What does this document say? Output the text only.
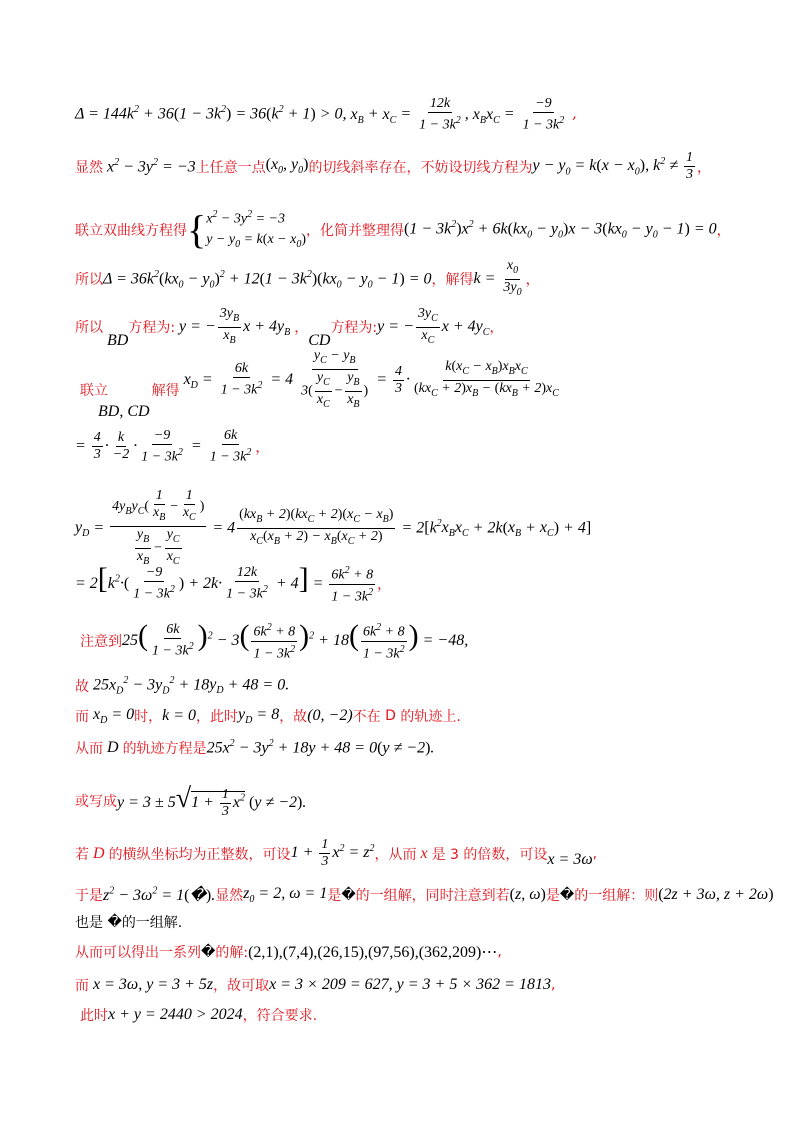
$\Delta = 144k^2 + 36(1 - 3k^2) = 36(k^2 + 1) > 0$, $x_B + x_C = \frac{12k}{1 - 3k^2}$ , $x_Bx_C = \frac{-9}{1 - 3k^2}$ ,
显然 $x^2 - 3y^2 = -3$ 上任意一点 ($x_0$, $y_0$) 的切线斜率存在，不妨设切线方程为 $y - y_0 = k(x - x_0)$, $k^2 \ne \frac{1}{3}$ ，
联立双曲线方程得 { $x^2 - 3y^2 = -3$
$y - y_0 = k(x - x_0)$
，化简并整理得 $(1 - 3k^2)x^2 + 6k(kx_0 - y_0)x - 3(kx_0 - y_0 - 1) = 0$ ，
所以 $\Delta = 36k^2(kx_0 - y_0)^2 + 12(1 - 3k^2)(kx_0 - y_0 - 1) = 0$ ，解得 $k = \frac{x_0}{3y_0}$ ，
所以
BD
方程为: y = − $\frac{3y_B}{x_B}$ $x + 4y_B$ ，
CD
方程为: y = − $\frac{3y_C}{x_C}$ $x + 4y_C$ ，
联立
BD, CD
解得
$x_D = \frac{6k}{1 - 3k^2} = 4 \frac{y_C - y_B}{3( \frac{y_C}{x_C} - \frac{y_B}{x_B} )} = \frac{4}{3} \cdot \frac{k(x_C - x_B)x_Bx_C}{(kx_C + 2)x_B - (kx_B + 2)x_C}$
= $\frac{4}{3} \cdot \frac{k}{-2} \cdot \frac{-9}{1 - 3k^2} = \frac{6k}{1 - 3k^2}$ ，
$y_D = \frac{4y_By_C( \frac{1}{x_B} - \frac{1}{x_C} )}{\frac{y_B}{x_B} - \frac{y_C}{x_C}} = 4 \frac{(kx_B + 2)(kx_C + 2)(x_C - x_B)}{x_C(x_B + 2) - x_B(x_C + 2)} = 2[k^2x_Bx_C + 2k(x_B + x_C) + 4]$
= $2[k^2\cdot( \frac{-9}{1 - 3k^2}$ ) + $2k\cdot \frac{12k}{1 - 3k^2} + 4] = \frac{6k^2 + 8}{1 - 3k^2}$ ，
注意到 $25( \frac{6k}{1 - 3k^2} )^2 - 3( \frac{6k^2 + 8}{1 - 3k^2} )^2 + 18( \frac{6k^2 + 8}{1 - 3k^2}$ ) = −48,
故 $25x_D^2 - 3y_D^2 + 18y_D + 48 = 0$.
而 $x_D = 0$ 时， k = 0 ，此时 $y_D = 8$ ，故 (0, −2) 不在 D 的轨迹上.
从而 D 的轨迹方程是 $25x^2 - 3y^2 + 18y + 48 = 0(y \ne -2)$.
或写成 $y = 3 \pm 5√1 + \frac{1}{3} x^2$ (y ≠ −2).
若 D 的横纵坐标均为正整数，可设 $1 + \frac{1}{3} x^2 = z^2$ ，从而 x 是 3 的倍数，可设 x = 3ω ,
于是 $z^2 - 3\omega^2$ = 1(�). 显然 $z_0 = 2$, ω = 1 是 � 的一组解，同时注意到若 (z, ω) 是 � 的一组解：则 (2z + 3ω, z + 2ω)
也是 � 的一组解.
从而可以得出一系列 � 的解: (2,1),(7,4),(26,15),(97,56),(362,209)⋯ ,
而 x = 3ω, y = 3 + 5z ，故可取 x = 3 × 209 = 627, y = 3 + 5 × 362 = 1813 ,
此时 x + y = 2440 > 2024 ，符合要求.
